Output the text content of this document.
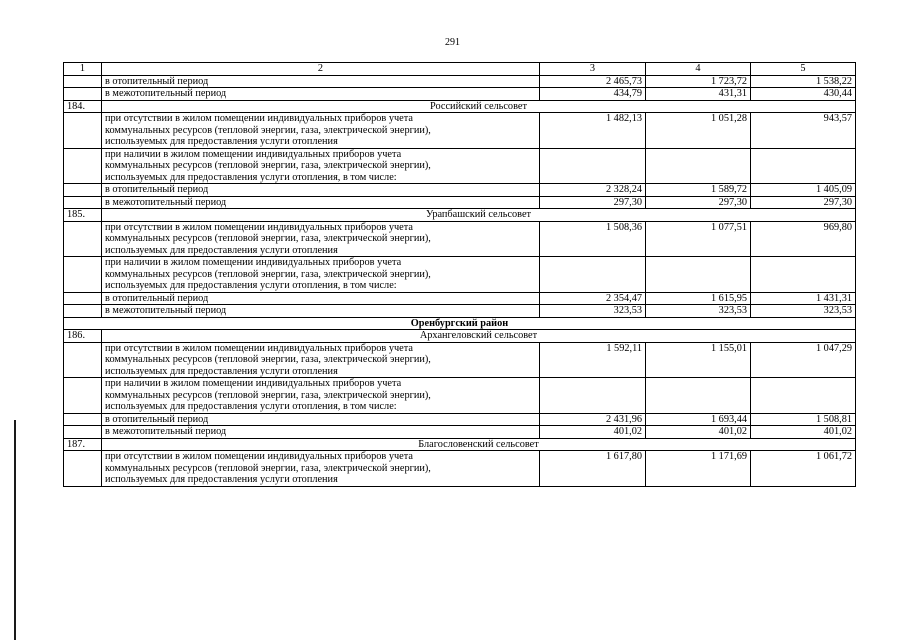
291
1	2	3	4	5
	в отопительный период	2 465,73	1 723,72	1 538,22
	в межотопительный период	434,79	431,31	430,44
184.	Российский сельсовет			

	при отсутствии в жилом помещении индивидуальных приборов учета
коммунальных ресурсов (тепловой энергии, газа, электрической энергии),
используемых для предоставления услуги отопления	1 482,13	1 051,28	943,57

	при наличии в жилом помещении индивидуальных приборов учета
коммунальных ресурсов (тепловой энергии, газа, электрической энергии),
используемых для предоставления услуги отопления, в том числе:			

	в отопительный период	2 328,24	1 589,72	1 405,09
	в межотопительный период	297,30	297,30	297,30
185.	Урапбашский сельсовет			

	при отсутствии в жилом помещении индивидуальных приборов учета
коммунальных ресурсов (тепловой энергии, газа, электрической энергии),
используемых для предоставления услуги отопления	1 508,36	1 077,51	969,80

	при наличии в жилом помещении индивидуальных приборов учета
коммунальных ресурсов (тепловой энергии, газа, электрической энергии),
используемых для предоставления услуги отопления, в том числе:			

	в отопительный период	2 354,47	1 615,95	1 431,31
	в межотопительный период	323,53	323,53	323,53
Оренбургский район				
186.	Архангеловский сельсовет			

	при отсутствии в жилом помещении индивидуальных приборов учета
коммунальных ресурсов (тепловой энергии, газа, электрической энергии),
используемых для предоставления услуги отопления	1 592,11	1 155,01	1 047,29

	при наличии в жилом помещении индивидуальных приборов учета
коммунальных ресурсов (тепловой энергии, газа, электрической энергии),
используемых для предоставления услуги отопления, в том числе:			

	в отопительный период	2 431,96	1 693,44	1 508,81
	в межотопительный период	401,02	401,02	401,02
187.	Благословенский сельсовет			

	при отсутствии в жилом помещении индивидуальных приборов учета
коммунальных ресурсов (тепловой энергии, газа, электрической энергии),
используемых для предоставления услуги отопления	1 617,80	1 171,69	1 061,72
